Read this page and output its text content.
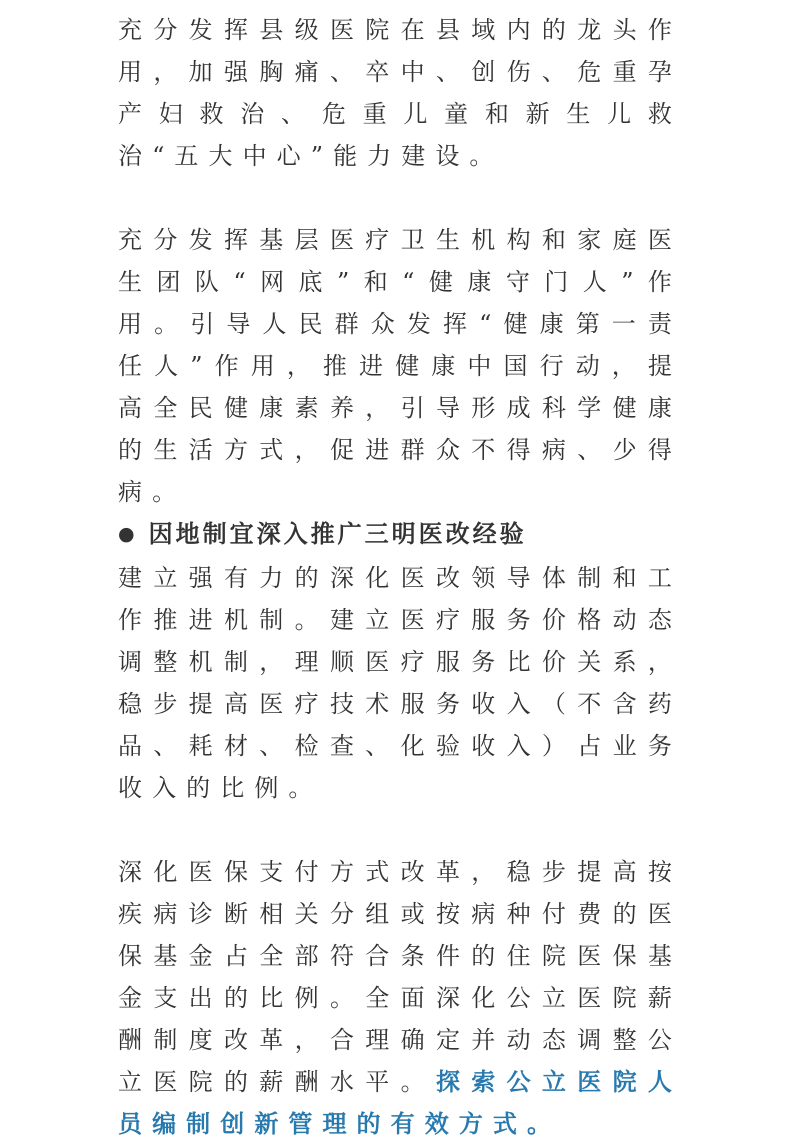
充分发挥县级医院在县域内的龙头作用，加强胸痛、卒中、创伤、危重孕产妇救治、危重儿童和新生儿救治“五大中心”能力建设。

充分发挥基层医疗卫生机构和家庭医生团队“网底”和“健康守门人”作用。引导人民群众发挥“健康第一责任人”作用，推进健康中国行动，提高全民健康素养，引导形成科学健康的生活方式，促进群众不得病、少得病。

● 因地制宜深入推广三明医改经验

建立强有力的深化医改领导体制和工作推进机制。建立医疗服务价格动态调整机制，理顺医疗服务比价关系，稳步提高医疗技术服务收入（不含药品、耗材、检查、化验收入）占业务收入的比例。

深化医保支付方式改革，稳步提高按疾病诊断相关分组或按病种付费的医保基金占全部符合条件的住院医保基金支出的比例。全面深化公立医院薪酬制度改革，合理确定并动态调整公立医院的薪酬水平。探索公立医院人员编制创新管理的有效方式。
